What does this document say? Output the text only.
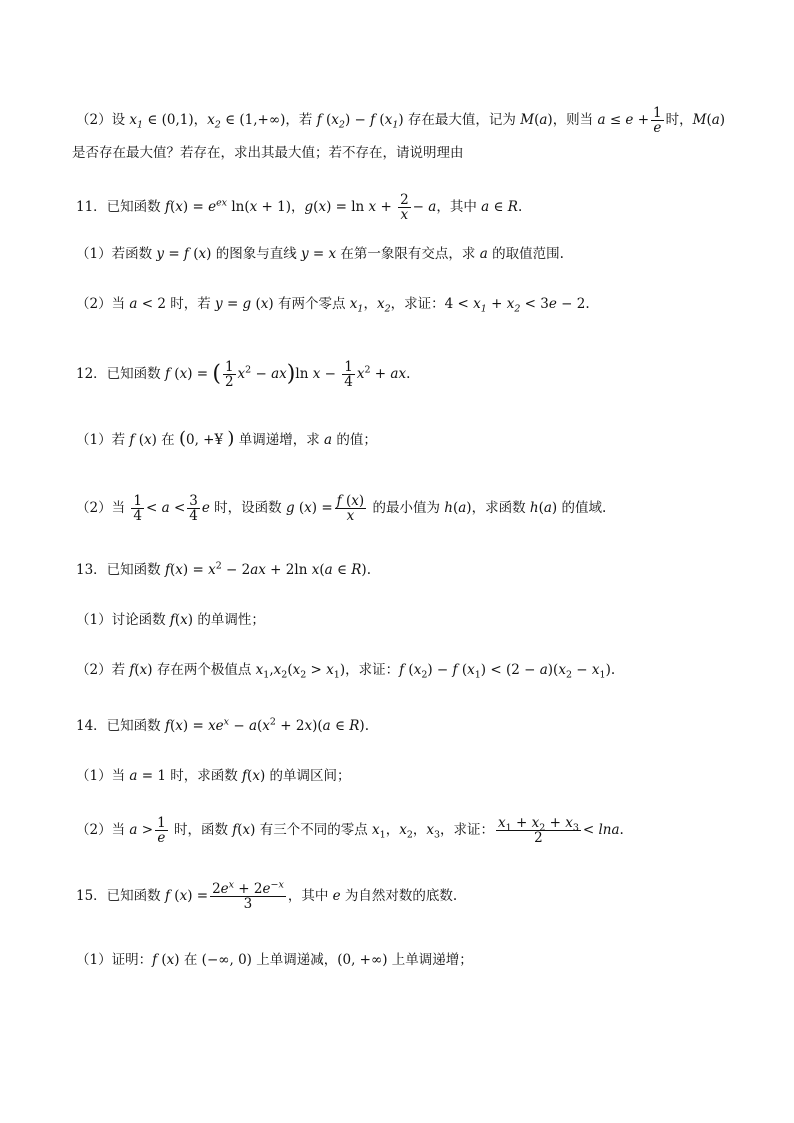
（2）设 $x_1$ ∈ (0,1)，$x_2$ ∈ (1,+∞)，若 f $(x_2) - f$ $(x_1)$ 存在最大值，记为 M(a)，则当 $a \le e + \frac{1}{e}$ 时，M(a)
是否存在最大值？若存在，求出其最大值；若不存在，请说明理由
11．已知函数 $f(x) = e^{ex}$ ln(x + 1)，$g(x) = \ln x + \frac{2}{x} - a$，其中 a ∈ R.
（1）若函数 y = f (x) 的图象与直线 y = x 在第一象限有交点，求 a 的取值范围.
（2）当 a < 2 时，若 y = g (x) 有两个零点 $x_1$，$x_2$，求证：$4 < x_1 + x_2 < 3e - 2$.
12．已知函数 f (x) = ( $\frac{1}{2} x^2 - ax)\ln$ $x - \frac{1}{4} x^2$ + ax.
（1）若 f (x) 在 (0, +¥ ) 单调递增，求 a 的值；
（2）当 $\frac{1}{4} < a < \frac{3}{4}$ e 时，设函数 g $(x) = \frac{f (x)}{x}$ 的最小值为 h(a)，求函数 h(a) 的值域.
13．已知函数 $f(x) = x^2 - 2ax + 2\ln$ x(a ∈ R).
（1）讨论函数 f(x) 的单调性；
（2）若 f(x) 存在两个极值点 $x_1,x_2(x_2 > x_1)$，求证：f $(x_2) - f$ $(x_1) < (2 - a)(x_2 - x_1)$.
14．已知函数 $f(x) = xe^x - a(x^2 + 2x)(a$ ∈ R).
（1）当 a = 1 时，求函数 f(x) 的单调区间；
（2）当 $a > \frac{1}{e}$ 时，函数 f(x) 有三个不同的零点 $x_1$，$x_2$，$x_3$，求证： $\frac{x_1 + x_2 + x_3}{2} < \ln a$.
15．已知函数 f $(x) = \frac{2e^x + 2e^{-x}}{3}$ ，其中 e 为自然对数的底数.
（1）证明：f (x) 在 (−∞, 0) 上单调递减，(0, +∞) 上单调递增；
